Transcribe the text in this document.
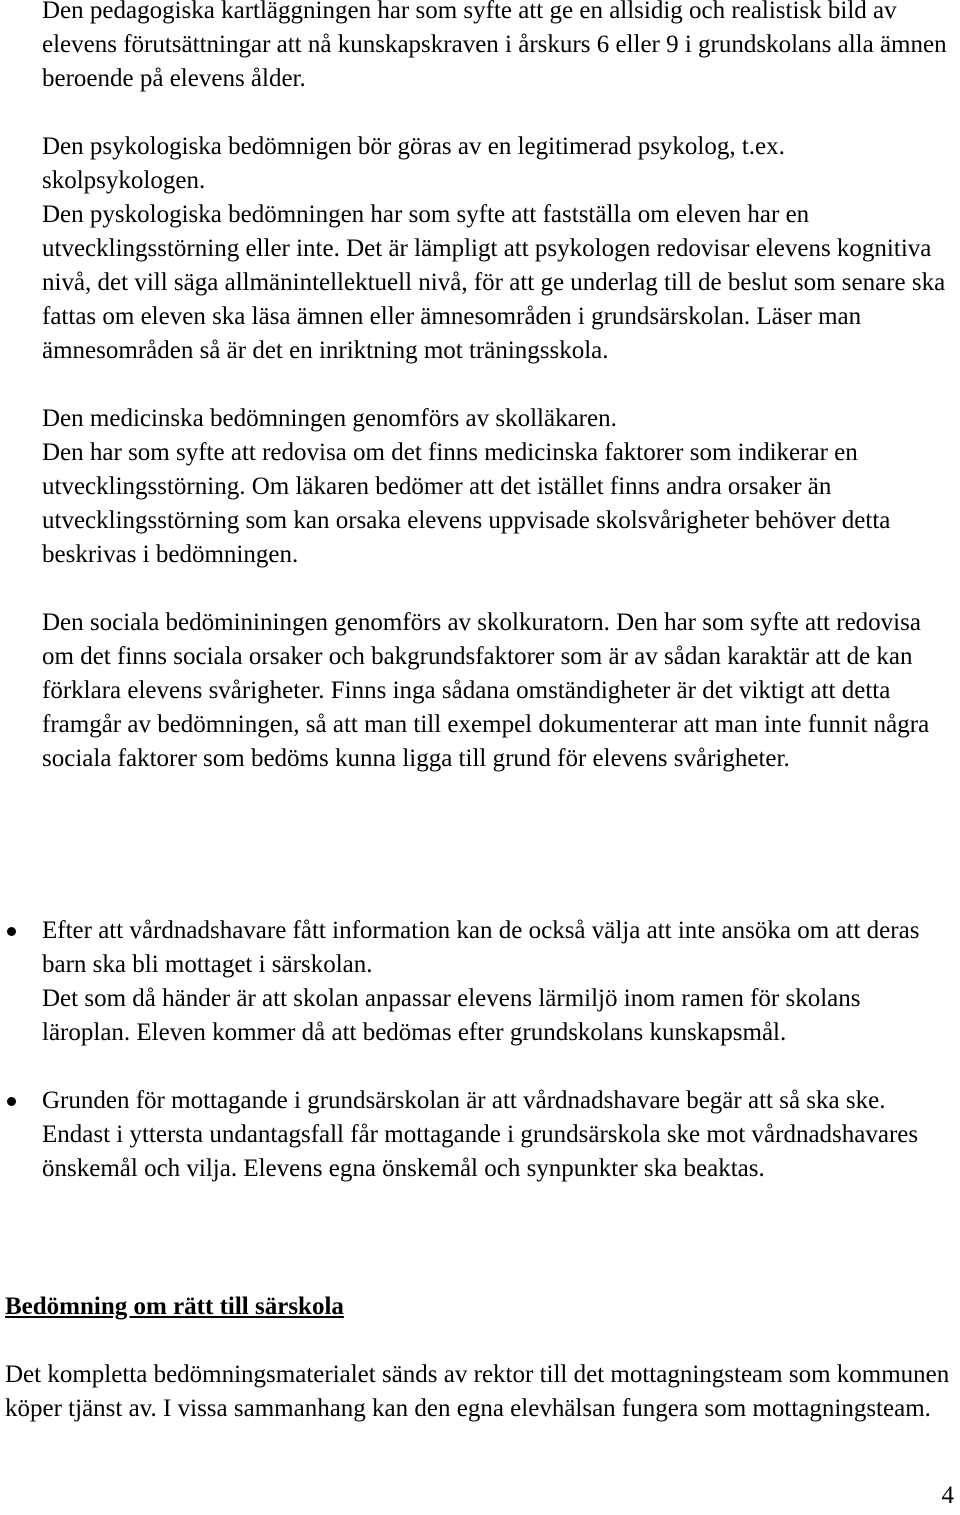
Den pedagogiska kartläggningen har som syfte att ge en allsidig och realistisk bild av elevens förutsättningar att nå kunskapskraven i årskurs 6 eller 9 i grundskolans alla ämnen beroende på elevens ålder.

Den psykologiska bedömnigen bör göras av en legitimerad psykolog, t.ex. skolpsykologen.

Den pyskologiska bedömningen har som syfte att fastställa om eleven har en utvecklingsstörning eller inte. Det är lämpligt att psykologen redovisar elevens kognitiva nivå, det vill säga allmänintellektuell nivå, för att ge underlag till de beslut som senare ska fattas om eleven ska läsa ämnen eller ämnesområden i grundsärskolan. Läser man ämnesområden så är det en inriktning mot träningsskola.

Den medicinska bedömningen genomförs av skolläkaren.

Den har som syfte att redovisa om det finns medicinska faktorer som indikerar en utvecklingsstörning. Om läkaren bedömer att det istället finns andra orsaker än utvecklingsstörning som kan orsaka elevens uppvisade skolsvårigheter behöver detta beskrivas i bedömningen.

Den sociala bedömininingen genomförs av skolkuratorn. Den har som syfte att redovisa om det finns sociala orsaker och bakgrundsfaktorer som är av sådan karaktär att de kan förklara elevens svårigheter. Finns inga sådana omständigheter är det viktigt att detta framgår av bedömningen, så att man till exempel dokumenterar att man inte funnit några sociala faktorer som bedöms kunna ligga till grund för elevens svårigheter.

Efter att vårdnadshavare fått information kan de också välja att inte ansöka om att deras barn ska bli mottaget i särskolan.

Det som då händer är att skolan anpassar elevens lärmiljö inom ramen för skolans läroplan. Eleven kommer då att bedömas efter grundskolans kunskapsmål.

Grunden för mottagande i grundsärskolan är att vårdnadshavare begär att så ska ske. Endast i yttersta undantagsfall får mottagande i grundsärskola ske mot vårdnadshavares önskemål och vilja. Elevens egna önskemål och synpunkter ska beaktas.

Bedömning om rätt till särskola

Det kompletta bedömningsmaterialet sänds av rektor till det mottagningsteam som kommunen köper tjänst av. I vissa sammanhang kan den egna elevhälsan fungera som mottagningsteam.

4
